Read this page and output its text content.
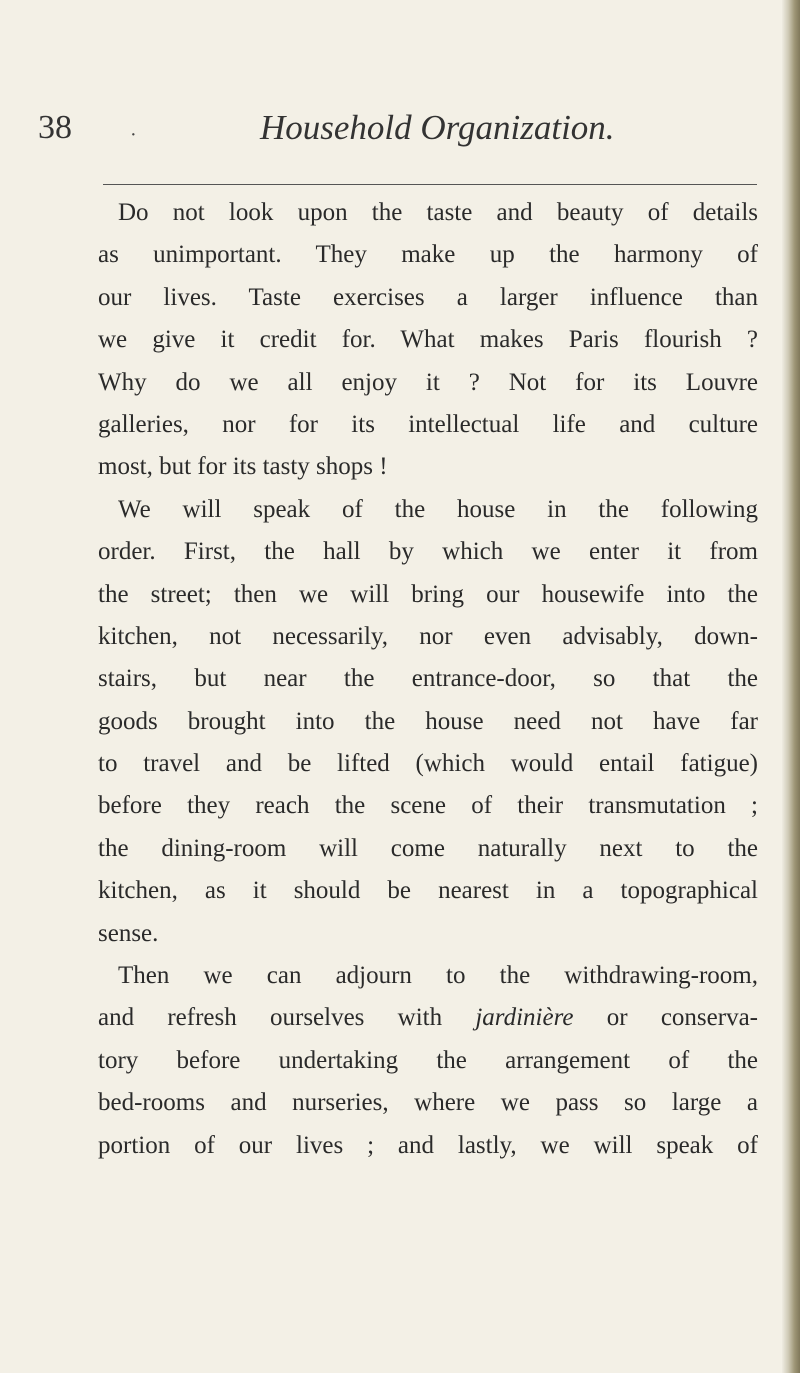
38	·	Household Organization.
Do not look upon the taste and beauty of details
as unimportant. They make up the harmony of
our lives. Taste exercises a larger influence than
we give it credit for. What makes Paris flourish ?
Why do we all enjoy it ? Not for its Louvre
galleries, nor for its intellectual life and culture
most, but for its tasty shops !
We will speak of the house in the following
order. First, the hall by which we enter it from
the street; then we will bring our housewife into the
kitchen, not necessarily, nor even advisably, down-
stairs, but near the entrance-door, so that the
goods brought into the house need not have far
to travel and be lifted (which would entail fatigue)
before they reach the scene of their transmutation ;
the dining-room will come naturally next to the
kitchen, as it should be nearest in a topographical
sense.
Then we can adjourn to the withdrawing-room,
and refresh ourselves with jardinière or conserva-
tory before undertaking the arrangement of the
bed-rooms and nurseries, where we pass so large a
portion of our lives ; and lastly, we will speak of
